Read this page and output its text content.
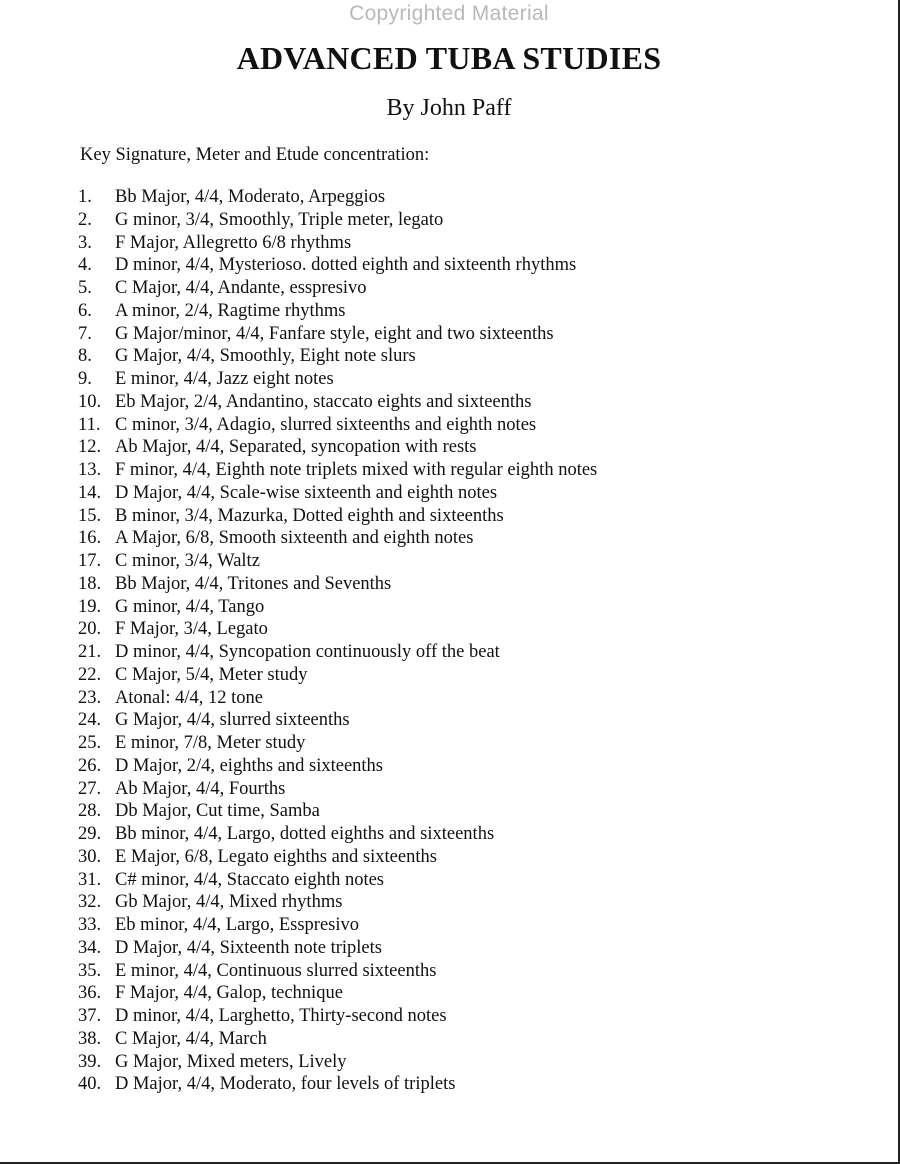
Copyrighted Material
ADVANCED TUBA STUDIES
By John Paff
Key Signature, Meter and Etude concentration:
1.	Bb Major, 4/4, Moderato, Arpeggios
2.	G minor, 3/4, Smoothly, Triple meter, legato
3.	F Major, Allegretto 6/8 rhythms
4.	D minor, 4/4, Mysterioso. dotted eighth and sixteenth rhythms
5.	C Major, 4/4, Andante, esspresivo
6.	A minor, 2/4, Ragtime rhythms
7.	G Major/minor, 4/4, Fanfare style, eight and two sixteenths
8.	G Major, 4/4, Smoothly, Eight note slurs
9.	E minor, 4/4, Jazz eight notes
10. Eb Major, 2/4, Andantino, staccato eights and sixteenths
11. C minor, 3/4, Adagio, slurred sixteenths and eighth notes
12. Ab Major, 4/4, Separated, syncopation with rests
13. F minor, 4/4, Eighth note triplets mixed with regular eighth notes
14. D Major, 4/4, Scale-wise sixteenth and eighth notes
15. B minor, 3/4, Mazurka, Dotted eighth and sixteenths
16. A Major, 6/8, Smooth sixteenth and eighth notes
17. C minor, 3/4, Waltz
18. Bb Major, 4/4, Tritones and Sevenths
19. G minor, 4/4, Tango
20. F Major, 3/4, Legato
21. D minor, 4/4, Syncopation continuously off the beat
22. C Major, 5/4, Meter study
23. Atonal: 4/4, 12 tone
24. G Major, 4/4, slurred sixteenths
25. E minor, 7/8, Meter study
26. D Major, 2/4, eighths and sixteenths
27. Ab Major, 4/4, Fourths
28. Db Major, Cut time, Samba
29. Bb minor, 4/4, Largo, dotted eighths and sixteenths
30. E Major, 6/8, Legato eighths and sixteenths
31. C# minor, 4/4, Staccato eighth notes
32. Gb Major, 4/4, Mixed rhythms
33. Eb minor, 4/4, Largo, Esspresivo
34. D Major, 4/4, Sixteenth note triplets
35. E minor, 4/4, Continuous slurred sixteenths
36. F Major, 4/4, Galop, technique
37. D minor, 4/4, Larghetto, Thirty-second notes
38. C Major, 4/4, March
39. G Major, Mixed meters, Lively
40. D Major, 4/4, Moderato, four levels of triplets
